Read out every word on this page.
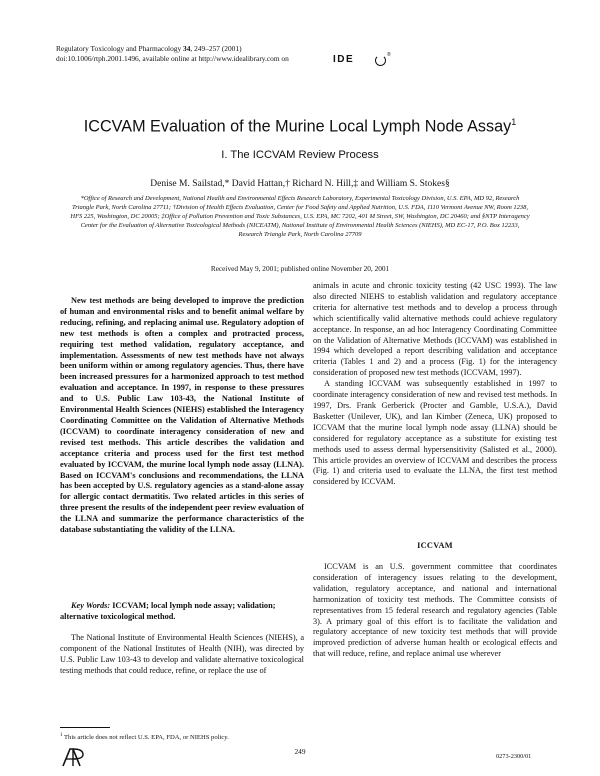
Regulatory Toxicology and Pharmacology 34, 249–257 (2001)
doi:10.1006/rtph.2001.1496, available online at http://www.idealibrary.com on	IDE	®
ICCVAM Evaluation of the Murine Local Lymph Node Assay$^1$
I. The ICCVAM Review Process
Denise M. Sailstad,* David Hattan,† Richard N. Hill,‡ and William S. Stokes§
*Office of Research and Development, National Health and Environmental Effects Research Laboratory, Experimental Toxicology Division, U.S. EPA, MD 92, Research Triangle Park, North Carolina 27711; †Division of Health Effects Evaluation, Center for Food Safety and Applied Nutrition, U.S. FDA, 1110 Vermont Avenue NW, Room 1238, HFS 225, Washington, DC 20005; ‡Office of Pollution Prevention and Toxic Substances, U.S. EPA, MC 7202, 401 M Street, SW, Washington, DC 20460; and §NTP Interagency Center for the Evaluation of Alternative Toxicological Methods (NICEATM), National Institute of Environmental Health Sciences (NIEHS), MD EC-17, P.O. Box 12233, Research Triangle Park, North Carolina 27709
Received May 9, 2001; published online November 20, 2001

New test methods are being developed to improve the prediction of human and environmental risks and to benefit animal welfare by reducing, refining, and replacing animal use. Regulatory adoption of new test methods is often a complex and protracted process, requiring test method validation, regulatory acceptance, and implementation. Assessments of new test methods have not always been uniform within or among regulatory agencies. Thus, there have been increased pressures for a harmonized approach to test method evaluation and acceptance. In 1997, in response to these pressures and to U.S. Public Law 103-43, the National Institute of Environmental Health Sciences (NIEHS) established the Interagency Coordinating Committee on the Validation of Alternative Methods (ICCVAM) to coordinate interagency consideration of new and revised test methods. This article describes the validation and acceptance criteria and process used for the first test method evaluated by ICCVAM, the murine local lymph node assay (LLNA). Based on ICCVAM's conclusions and recommendations, the LLNA has been accepted by U.S. regulatory agencies as a stand-alone assay for allergic contact dermatitis. Two related articles in this series of three present the results of the independent peer review evaluation of the LLNA and summarize the performance characteristics of the database substantiating the validity of the LLNA.

Key Words: ICCVAM; local lymph node assay; validation; alternative toxicological method.

The National Institute of Environmental Health Sciences (NIEHS), a component of the National Institutes of Health (NIH), was directed by U.S. Public Law 103-43 to develop and validate alternative toxicological testing methods that could reduce, refine, or replace the use of

animals in acute and chronic toxicity testing (42 USC 1993). The law also directed NIEHS to establish validation and regulatory acceptance criteria for alternative test methods and to develop a process through which scientifically valid alternative methods could achieve regulatory acceptance. In response, an ad hoc Interagency Coordinating Committee on the Validation of Alternative Methods (ICCVAM) was established in 1994 which developed a report describing validation and acceptance criteria (Tables 1 and 2) and a process (Fig. 1) for the interagency consideration of proposed new test methods (ICCVAM, 1997).

A standing ICCVAM was subsequently established in 1997 to coordinate interagency consideration of new and revised test methods. In 1997, Drs. Frank Gerberick (Procter and Gamble, U.S.A.), David Basketter (Unilever, UK), and Ian Kimber (Zeneca, UK) proposed to ICCVAM that the murine local lymph node assay (LLNA) should be considered for regulatory acceptance as a substitute for existing test methods used to assess dermal hypersensitivity (Salisted et al., 2000). This article provides an overview of ICCVAM and describes the process (Fig. 1) and criteria used to evaluate the LLNA, the first test method considered by ICCVAM.

ICCVAM

ICCVAM is an U.S. government committee that coordinates consideration of interagency issues relating to the development, validation, regulatory acceptance, and national and international harmonization of toxicity test methods. The Committee consists of representatives from 15 federal research and regulatory agencies (Table 3). A primary goal of this effort is to facilitate the validation and regulatory acceptance of new toxicity test methods that will provide improved prediction of adverse human health or ecological effects and that will reduce, refine, and replace animal use wherever

$^1$ This article does not reflect U.S. EPA, FDA, or NIEHS policy.
249
0273-2300/01
